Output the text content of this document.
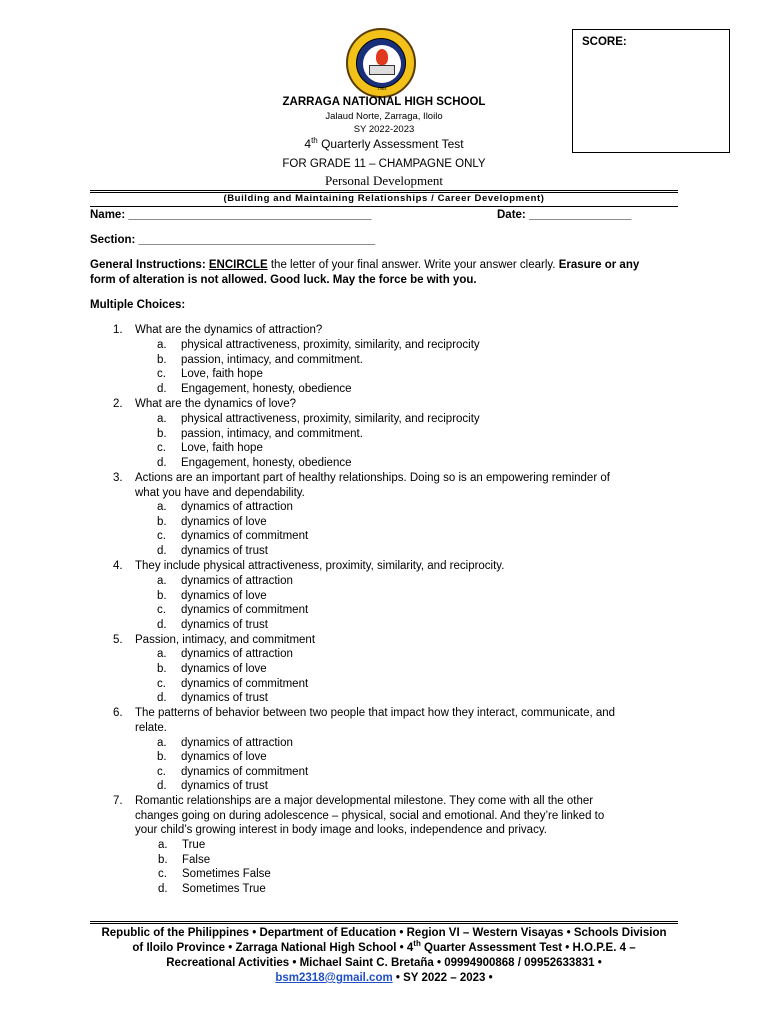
1964
SCORE:
ZARRAGA NATIONAL HIGH SCHOOL
Jalaud Norte, Zarraga, Iloilo
SY 2022-2023
4th Quarterly Assessment Test
FOR GRADE 11 – CHAMPAGNE ONLY
Personal Development
(Building and Maintaining Relationships / Career Development)
Name: ______________________________________	Date: ________________
Section: _____________________________________
General Instructions: ENCIRCLE the letter of your final answer. Write your answer clearly. Erasure or any
form of alteration is not allowed. Good luck. May the force be with you.
Multiple Choices:
1.	What are the dynamics of attraction?
a. physical attractiveness, proximity, similarity, and reciprocity
b. passion, intimacy, and commitment.
c. Love, faith hope
d. Engagement, honesty, obedience
2.	What are the dynamics of love?
a. physical attractiveness, proximity, similarity, and reciprocity
b. passion, intimacy, and commitment.
c. Love, faith hope
d. Engagement, honesty, obedience
3.	Actions are an important part of healthy relationships. Doing so is an empowering reminder of
what you have and dependability.
a. dynamics of attraction
b. dynamics of love
c. dynamics of commitment
d. dynamics of trust
4.	They include physical attractiveness, proximity, similarity, and reciprocity.
a. dynamics of attraction
b. dynamics of love
c. dynamics of commitment
d. dynamics of trust
5.	Passion, intimacy, and commitment
a. dynamics of attraction
b. dynamics of love
c. dynamics of commitment
d. dynamics of trust
6.	The patterns of behavior between two people that impact how they interact, communicate, and
relate.
a. dynamics of attraction
b. dynamics of love
c. dynamics of commitment
d. dynamics of trust
7.	Romantic relationships are a major developmental milestone. They come with all the other
changes going on during adolescence – physical, social and emotional. And they’re linked to
your child’s growing interest in body image and looks, independence and privacy.
a. True
b. False
c. Sometimes False
d. Sometimes True
Republic of the Philippines • Department of Education • Region VI – Western Visayas • Schools Division
of Iloilo Province • Zarraga National High School • 4th Quarter Assessment Test • H.O.P.E. 4 –
Recreational Activities • Michael Saint C. Bretaña • 09994900868 / 09952633831 •
bsm2318@gmail.com • SY 2022 – 2023 •
